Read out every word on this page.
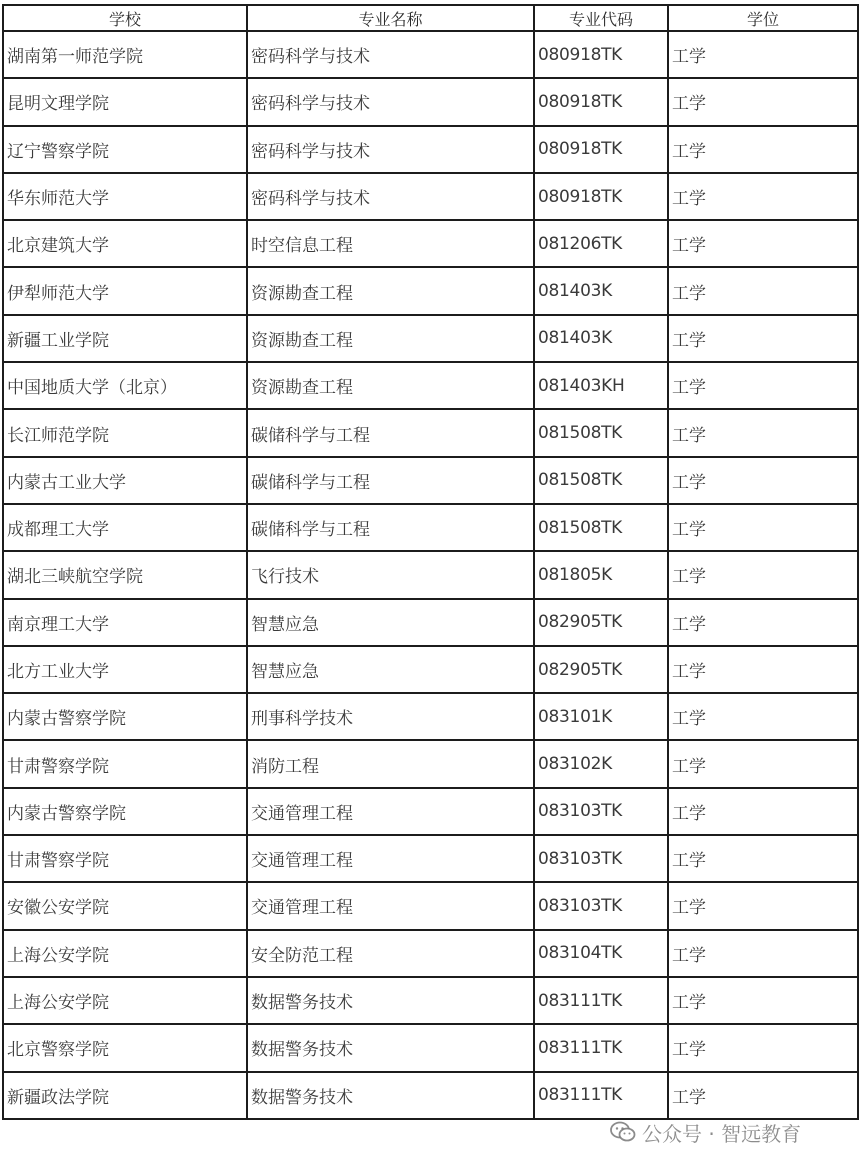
学校	专业名称	专业代码	学位
湖南第一师范学院	密码科学与技术	080918TK	工学
昆明文理学院	密码科学与技术	080918TK	工学
辽宁警察学院	密码科学与技术	080918TK	工学
华东师范大学	密码科学与技术	080918TK	工学
北京建筑大学	时空信息工程	081206TK	工学
伊犁师范大学	资源勘查工程	081403K	工学
新疆工业学院	资源勘查工程	081403K	工学
中国地质大学（北京）	资源勘查工程	081403KH	工学
长江师范学院	碳储科学与工程	081508TK	工学
内蒙古工业大学	碳储科学与工程	081508TK	工学
成都理工大学	碳储科学与工程	081508TK	工学
湖北三峡航空学院	飞行技术	081805K	工学
南京理工大学	智慧应急	082905TK	工学
北方工业大学	智慧应急	082905TK	工学
内蒙古警察学院	刑事科学技术	083101K	工学
甘肃警察学院	消防工程	083102K	工学
内蒙古警察学院	交通管理工程	083103TK	工学
甘肃警察学院	交通管理工程	083103TK	工学
安徽公安学院	交通管理工程	083103TK	工学
上海公安学院	安全防范工程	083104TK	工学
上海公安学院	数据警务技术	083111TK	工学
北京警察学院	数据警务技术	083111TK	工学
新疆政法学院	数据警务技术	083111TK	工学
公众号 · 智远教育
